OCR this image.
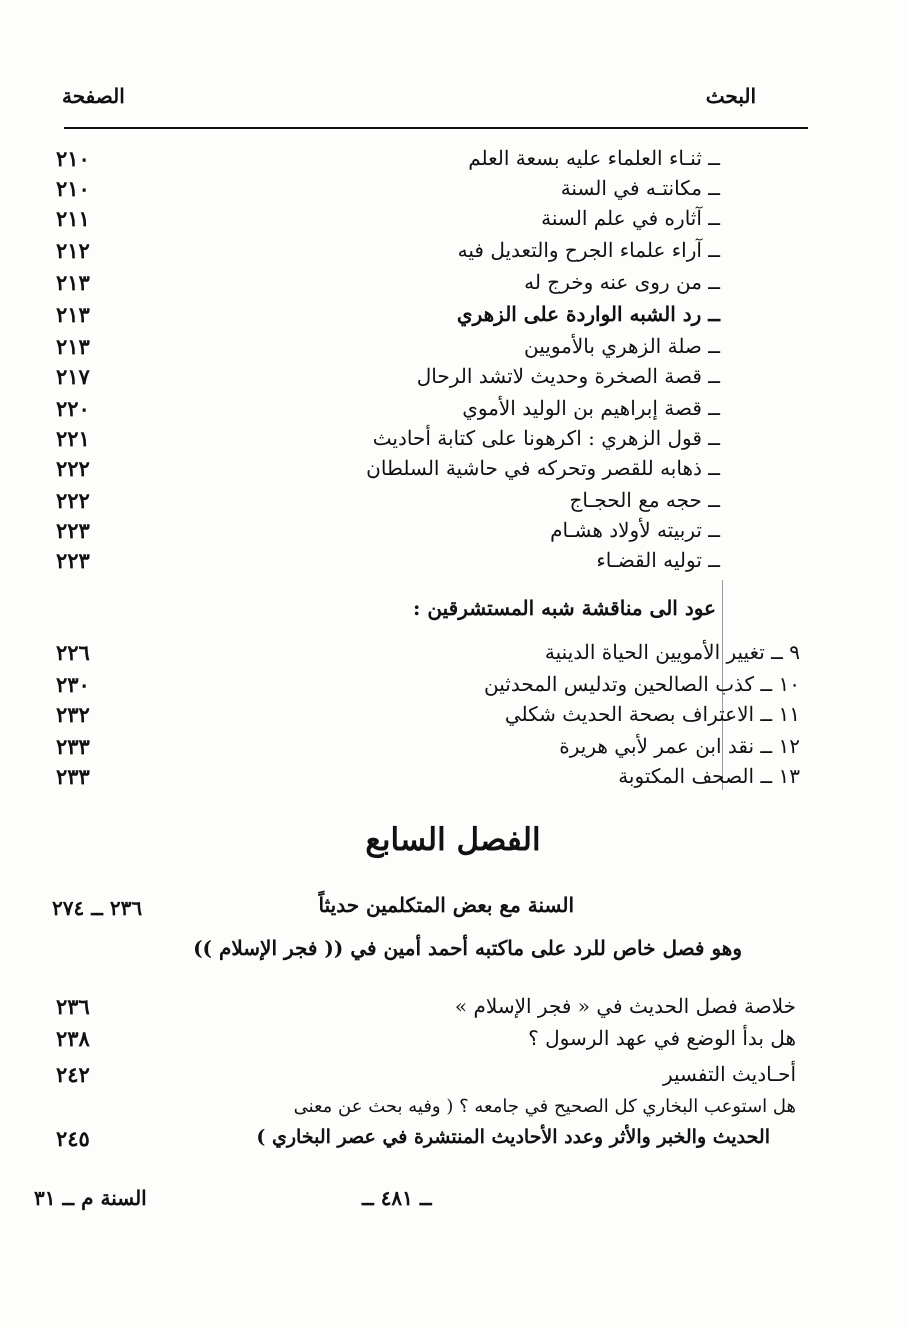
البحث
الصفحة
ــ ثنـاء العلماء عليه بسعة العلم
٢١٠
ــ مكانتـه في السنة
٢١٠
ــ آثاره في علم السنة
٢١١
ــ آراء علماء الجرح والتعديل فيه
٢١٢
ــ من روى عنه وخرج له
٢١٣
ــ رد الشبه الواردة على الزهري
٢١٣
ــ صلة الزهري بالأمويين
٢١٣
ــ قصة الصخرة وحديث لاتشد الرحال
٢١٧
ــ قصة إبراهيم بن الوليد الأموي
٢٢٠
ــ قول الزهري : اكرهونا على كتابة أحاديث
٢٢١
ــ ذهابه للقصر وتحركه في حاشية السلطان
٢٢٢
ــ حجه مع الحجـاج
٢٢٢
ــ تربيته لأولاد هشـام
٢٢٣
ــ توليه القضـاء
٢٢٣
عود الى مناقشة شبه المستشرقين :
٩ ــ تغيير الأمويين الحياة الدينية
٢٢٦
١٠ ــ كذب الصالحين وتدليس المحدثين
٢٣٠
١١ ــ الاعتراف بصحة الحديث شكلي
٢٣٢
١٢ ــ نقد ابن عمر لأبي هريرة
٢٣٣
١٣ ــ الصحف المكتوبة
٢٣٣
الفصل السابع
السنة مع بعض المتكلمين حديثاً
٢٣٦ ــ ٢٧٤
وهو فصل خاص للرد على ماكتبه أحمد أمين في (( فجر الإسلام ))
خلاصة فصل الحديث في « فجر الإسلام »
٢٣٦
هل بدأ الوضع في عهد الرسول ؟
٢٣٨
أحـاديث التفسير
٢٤٢
هل استوعب البخاري كل الصحيح في جامعه ؟ ( وفيه بحث عن معنى
الحديث والخبر والأثر وعدد الأحاديث المنتشرة في عصر البخاري )
٢٤٥
السنة م ــ ٣١	ــ ٤٨١ ــ
